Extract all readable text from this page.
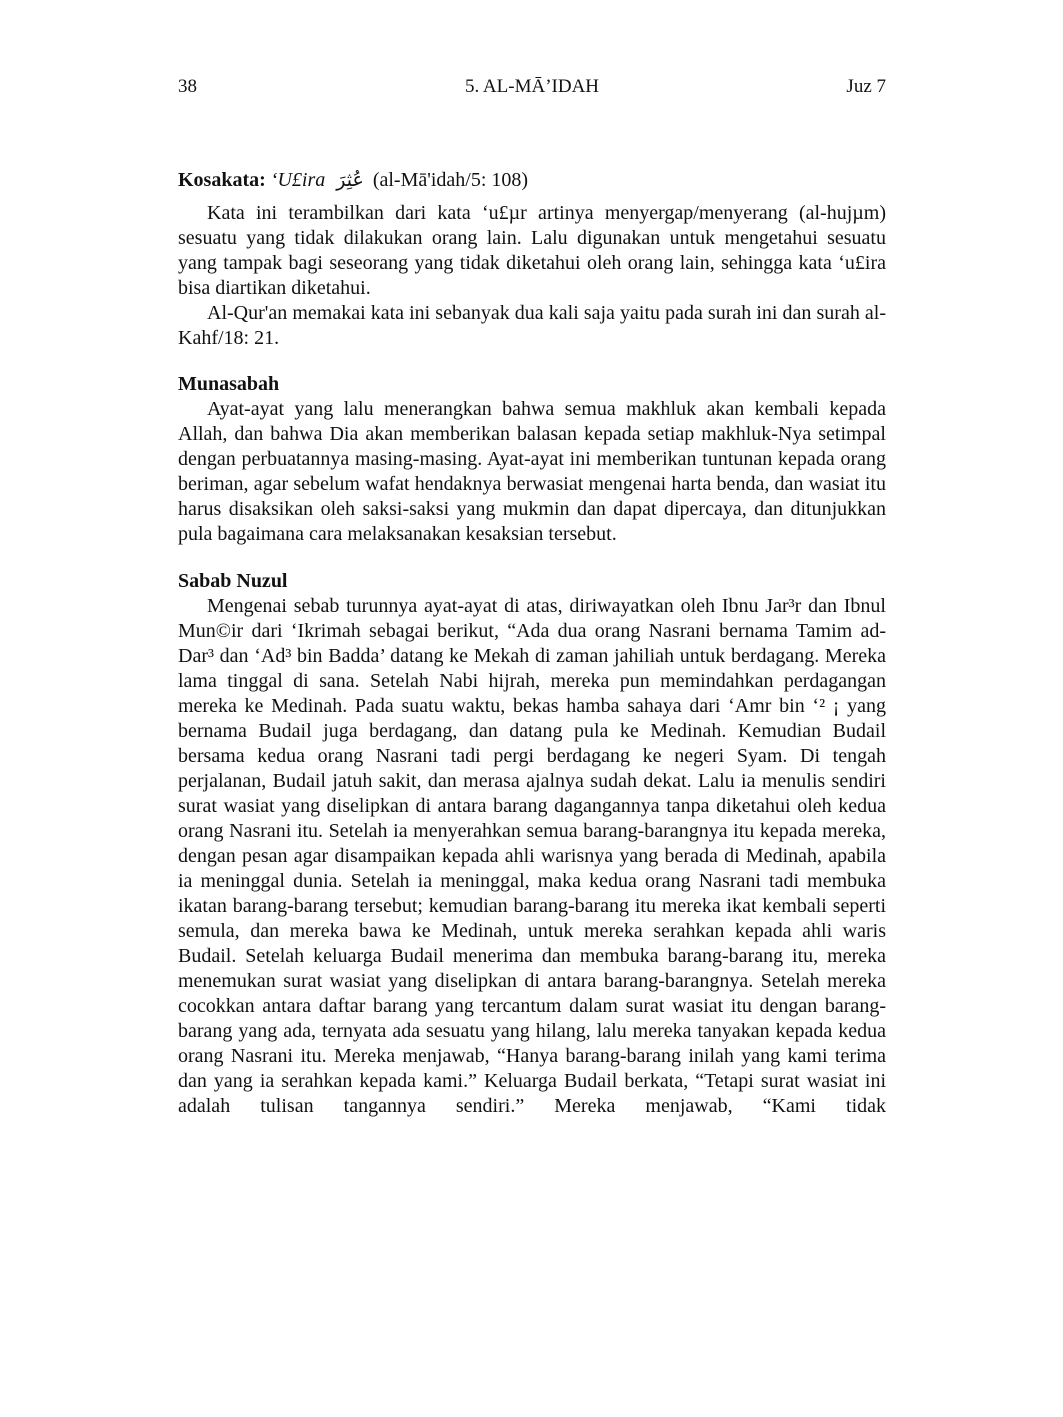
38	5. AL-MĀ’IDAH	Juz 7
Kosakata: ‘U£ira عُثِرَ (al-Mā'idah/5: 108)

Kata ini terambilkan dari kata ‘u£µr artinya menyergap/menyerang (al-hujµm) sesuatu yang tidak dilakukan orang lain. Lalu digunakan untuk mengetahui sesuatu yang tampak bagi seseorang yang tidak diketahui oleh orang lain, sehingga kata ‘u£ira bisa diartikan diketahui.

Al-Qur'an memakai kata ini sebanyak dua kali saja yaitu pada surah ini dan surah al-Kahf/18: 21.

Munasabah

Ayat-ayat yang lalu menerangkan bahwa semua makhluk akan kembali kepada Allah, dan bahwa Dia akan memberikan balasan kepada setiap makhluk-Nya setimpal dengan perbuatannya masing-masing. Ayat-ayat ini memberikan tuntunan kepada orang beriman, agar sebelum wafat hendaknya berwasiat mengenai harta benda, dan wasiat itu harus disaksikan oleh saksi-saksi yang mukmin dan dapat dipercaya, dan ditunjukkan pula bagaimana cara melaksanakan kesaksian tersebut.

Sabab Nuzul

Mengenai sebab turunnya ayat-ayat di atas, diriwayatkan oleh Ibnu Jar³r dan Ibnul Mun©ir dari ‘Ikrimah sebagai berikut, “Ada dua orang Nasrani bernama Tamim ad-Dar³ dan ‘Ad³ bin Badda’ datang ke Mekah di zaman jahiliah untuk berdagang. Mereka lama tinggal di sana. Setelah Nabi hijrah, mereka pun memindahkan perdagangan mereka ke Medinah. Pada suatu waktu, bekas hamba sahaya dari ‘Amr bin ‘² ¡ yang bernama Budail juga berdagang, dan datang pula ke Medinah. Kemudian Budail bersama kedua orang Nasrani tadi pergi berdagang ke negeri Syam. Di tengah perjalanan, Budail jatuh sakit, dan merasa ajalnya sudah dekat. Lalu ia menulis sendiri surat wasiat yang diselipkan di antara barang dagangannya tanpa diketahui oleh kedua orang Nasrani itu. Setelah ia menyerahkan semua barang-barangnya itu kepada mereka, dengan pesan agar disampaikan kepada ahli warisnya yang berada di Medinah, apabila ia meninggal dunia. Setelah ia meninggal, maka kedua orang Nasrani tadi membuka ikatan barang-barang tersebut; kemudian barang-barang itu mereka ikat kembali seperti semula, dan mereka bawa ke Medinah, untuk mereka serahkan kepada ahli waris Budail. Setelah keluarga Budail menerima dan membuka barang-barang itu, mereka menemukan surat wasiat yang diselipkan di antara barang-barangnya. Setelah mereka cocokkan antara daftar barang yang tercantum dalam surat wasiat itu dengan barang-barang yang ada, ternyata ada sesuatu yang hilang, lalu mereka tanyakan kepada kedua orang Nasrani itu. Mereka menjawab, “Hanya barang-barang inilah yang kami terima dan yang ia serahkan kepada kami.” Keluarga Budail berkata, “Tetapi surat wasiat ini adalah tulisan tangannya sendiri.” Mereka menjawab, “Kami tidak
